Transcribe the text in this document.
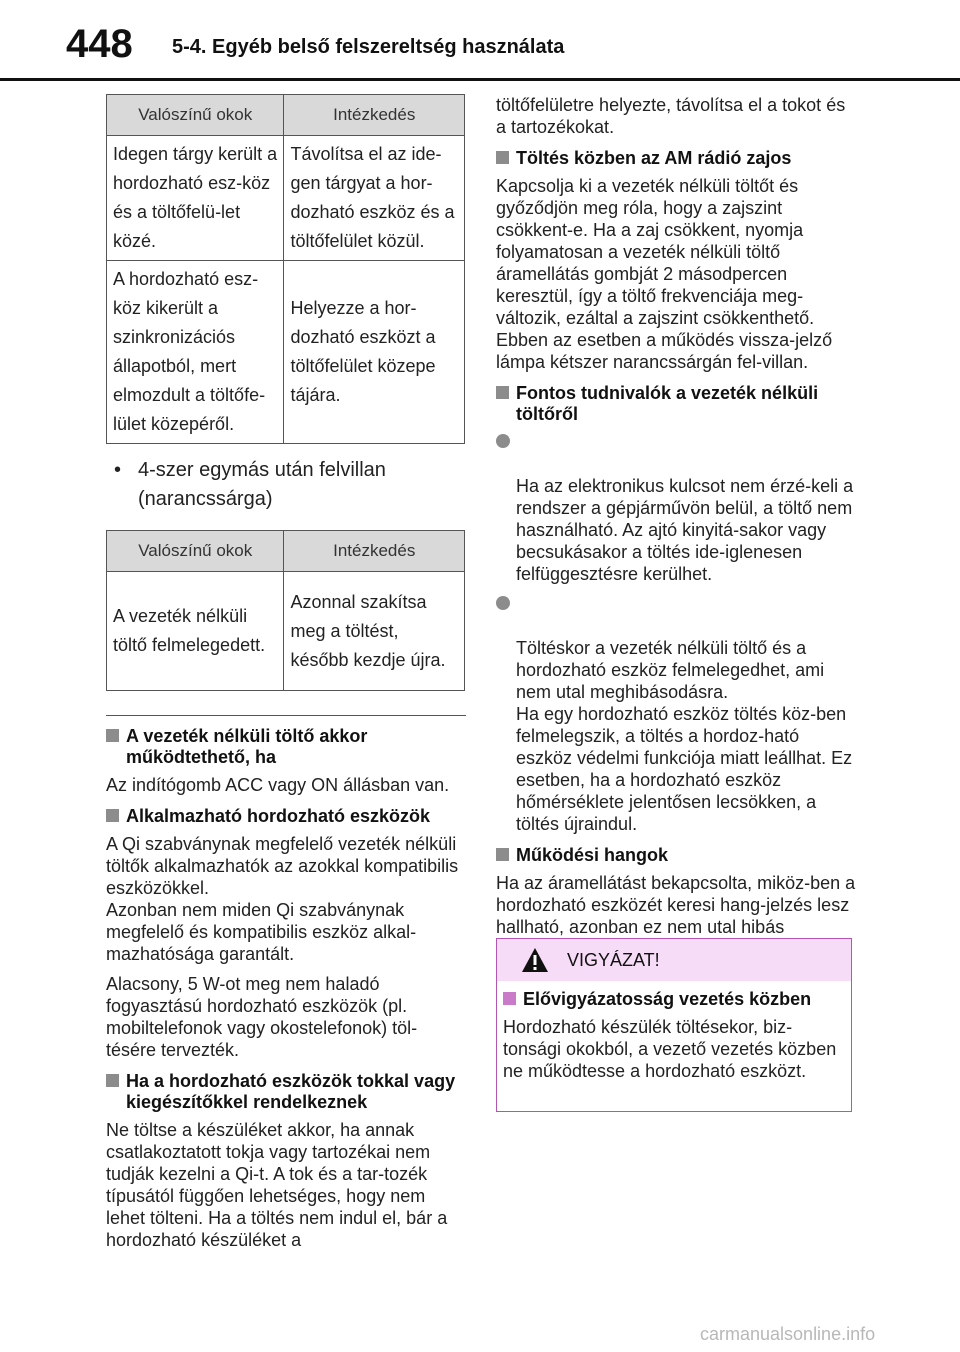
448 5-4. Egyéb belső felszereltség használata
Valószínű okok	Intézkedés
Idegen tárgy került a hordozható esz-köz és a töltőfelü-let közé.	Távolítsa el az ide-gen tárgyat a hor-dozható eszköz és a töltőfelület közül.
A hordozható esz-köz kikerült a szinkronizációs állapotból, mert elmozdult a töltőfe-lület közepéről.	Helyezze a hor-dozható eszközt a töltőfelület közepe tájára.
• 4-szer egymás után felvillan (narancssárga)
Valószínű okok	Intézkedés
A vezeték nélküli töltő felmelegedett.	Azonnal szakítsa meg a töltést, később kezdje újra.
A vezeték nélküli töltő akkor működtethető, ha

Az indítógomb ACC vagy ON állásban van.

Alkalmazható hordozható eszközök

A Qi szabványnak megfelelő vezeték nélküli töltők alkalmazhatók az azokkal kompatibilis eszközökkel.
Azonban nem miden Qi szabványnak megfelelő és kompatibilis eszköz alkal-mazhatósága garantált.

Alacsony, 5 W-ot meg nem haladó fogyasztású hordozható eszközök (pl. mobiltelefonok vagy okostelefonok) töl-tésére tervezték.

Ha a hordozható eszközök tokkal vagy kiegészítőkkel rendelkeznek

Ne töltse a készüléket akkor, ha annak csatlakoztatott tokja vagy tartozékai nem tudják kezelni a Qi-t. A tok és a tar-tozék típusától függően lehetséges, hogy nem lehet tölteni. Ha a töltés nem indul el, bár a hordozható készüléket a

töltőfelületre helyezte, távolítsa el a tokot és a tartozékokat.

Töltés közben az AM rádió zajos

Kapcsolja ki a vezeték nélküli töltőt és győződjön meg róla, hogy a zajszint csökkent-e. Ha a zaj csökkent, nyomja folyamatosan a vezeték nélküli töltő áramellátás gombját 2 másodpercen keresztül, így a töltő frekvenciája meg-változik, ezáltal a zajszint csökkenthető. Ebben az esetben a működés vissza-jelző lámpa kétszer narancssárgán fel-villan.

Fontos tudnivalók a vezeték nélküli töltőről

Ha az elektronikus kulcsot nem érzé-keli a rendszer a gépjárművön belül, a töltő nem használható. Az ajtó kinyitá-sakor vagy becsukásakor a töltés ide-iglenesen felfüggesztésre kerülhet.

Töltéskor a vezeték nélküli töltő és a hordozható eszköz felmelegedhet, ami nem utal meghibásodásra.
Ha egy hordozható eszköz töltés köz-ben felmelegszik, a töltés a hordoz-ható eszköz védelmi funkciója miatt leállhat. Ez esetben, ha a hordozható eszköz hőmérséklete jelentősen lecsökken, a töltés újraindul.

Működési hangok

Ha az áramellátást bekapcsolta, miköz-ben a hordozható eszközét keresi hang-jelzés lesz hallható, azonban ez nem utal hibás

VIGYÁZAT!
Elővigyázatosság vezetés közben

Hordozható készülék töltésekor, biz-tonsági okokból, a vezető vezetés közben ne működtesse a hordozható eszközt.

carmanualsonline.info
